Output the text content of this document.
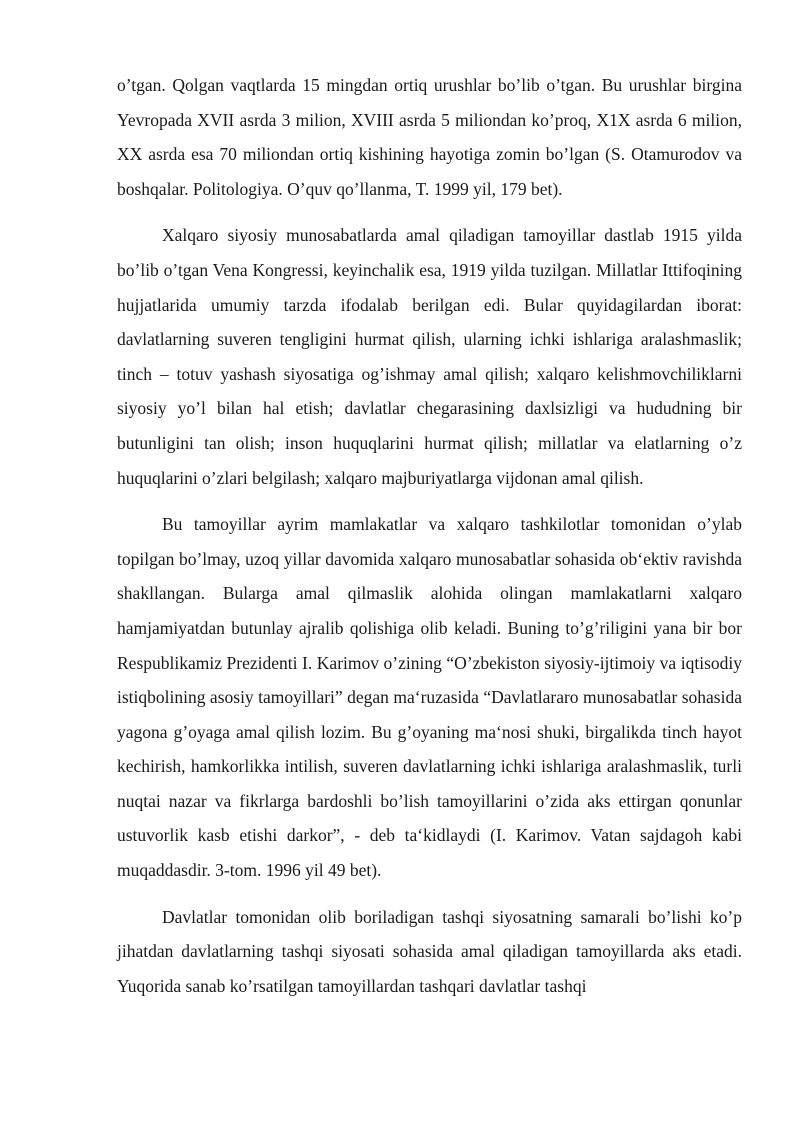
o’tgan. Qolgan vaqtlarda 15 mingdan ortiq urushlar bo’lib o’tgan. Bu urushlar birgina Yevropada XVII asrda 3 milion, XVIII asrda 5 miliondan ko’proq, X1X asrda 6 milion, XX asrda esa 70 miliondan ortiq kishining hayotiga zomin bo’lgan (S. Otamurodov va boshqalar. Politologiya. O’quv qo’llanma, T. 1999 yil, 179 bet).

Xalqaro siyosiy munosabatlarda amal qiladigan tamoyillar dastlab 1915 yilda bo’lib o’tgan Vena Kongressi, keyinchalik esa, 1919 yilda tuzilgan. Millatlar Ittifoqining hujjatlarida umumiy tarzda ifodalab berilgan edi. Bular quyidagilardan iborat: davlatlarning suveren tengligini hurmat qilish, ularning ichki ishlariga aralashmaslik; tinch – totuv yashash siyosatiga og’ishmay amal qilish; xalqaro kelishmovchiliklarni siyosiy yo’l bilan hal etish; davlatlar chegarasining daxlsizligi va hududning bir butunligini tan olish; inson huquqlarini hurmat qilish; millatlar va elatlarning o’z huquqlarini o’zlari belgilash; xalqaro majburiyatlarga vijdonan amal qilish.

Bu tamoyillar ayrim mamlakatlar va xalqaro tashkilotlar tomonidan o’ylab topilgan bo’lmay, uzoq yillar davomida xalqaro munosabatlar sohasida ob‘ektiv ravishda shakllangan. Bularga amal qilmaslik alohida olingan mamlakatlarni xalqaro hamjamiyatdan butunlay ajralib qolishiga olib keladi. Buning to’g’riligini yana bir bor Respublikamiz Prezidenti I. Karimov o’zining “O’zbekiston siyosiy-ijtimoiy va iqtisodiy istiqbolining asosiy tamoyillari” degan ma‘ruzasida “Davlatlararo munosabatlar sohasida yagona g’oyaga amal qilish lozim. Bu g’oyaning ma‘nosi shuki, birgalikda tinch hayot kechirish, hamkorlikka intilish, suveren davlatlarning ichki ishlariga aralashmaslik, turli nuqtai nazar va fikrlarga bardoshli bo’lish tamoyillarini o’zida aks ettirgan qonunlar ustuvorlik kasb etishi darkor”, - deb ta‘kidlaydi (I. Karimov. Vatan sajdagoh kabi muqaddasdir. 3-tom. 1996 yil 49 bet).

Davlatlar tomonidan olib boriladigan tashqi siyosatning samarali bo’lishi ko’p jihatdan davlatlarning tashqi siyosati sohasida amal qiladigan tamoyillarda aks etadi. Yuqorida sanab ko’rsatilgan tamoyillardan tashqari davlatlar tashqi
